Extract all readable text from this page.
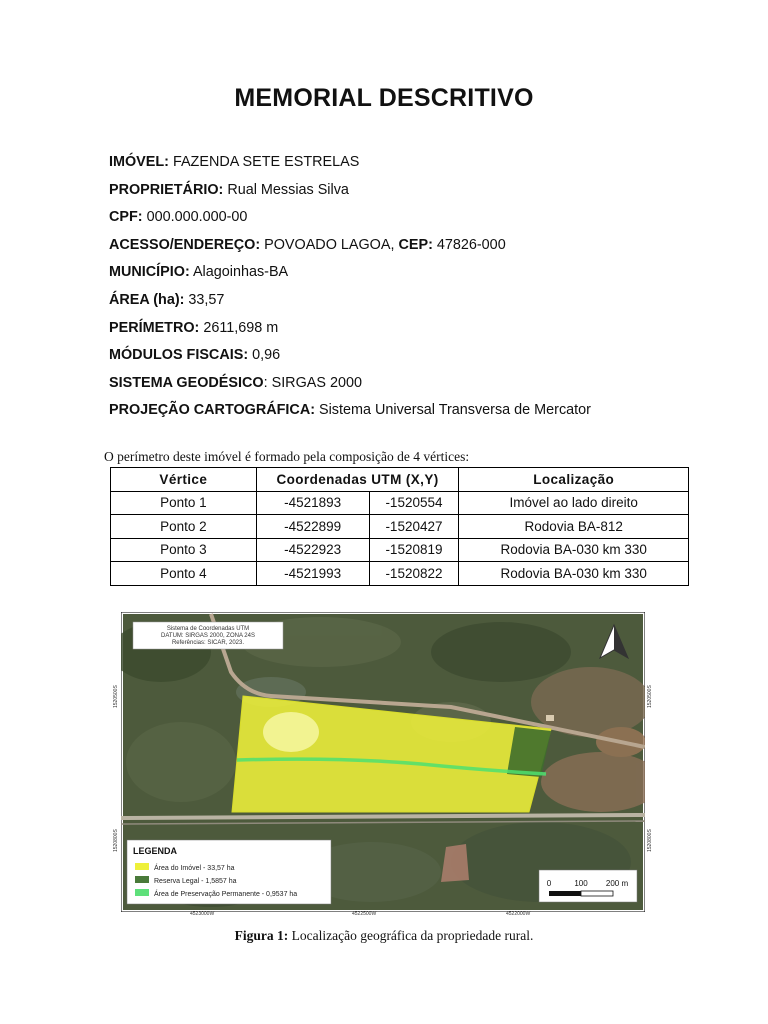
MEMORIAL DESCRITIVO
IMÓVEL: FAZENDA SETE ESTRELAS
PROPRIETÁRIO: Rual Messias Silva
CPF: 000.000.000-00
ACESSO/ENDEREÇO: POVOADO LAGOA, CEP: 47826-000
MUNICÍPIO: Alagoinhas-BA
ÁREA (ha): 33,57
PERÍMETRO: 2611,698 m
MÓDULOS FISCAIS: 0,96
SISTEMA GEODÉSICO: SIRGAS 2000
PROJEÇÃO CARTOGRÁFICA: Sistema Universal Transversa de Mercator
O perímetro deste imóvel é formado pela composição de 4 vértices:
Vértice	Coordenadas UTM (X,Y)		Localização
Ponto 1	-4521893	-1520554	Imóvel ao lado direito
Ponto 2	-4522899	-1520427	Rodovia BA-812
Ponto 3	-4522923	-1520819	Rodovia BA-030 km 330
Ponto 4	-4521993	-1520822	Rodovia BA-030 km 330
Sistema de Coordenadas UTM
DATUM: SIRGAS 2000, ZONA 24S
Referências: SICAR, 2023.
LEGENDA
Área do Imóvel - 33,57 ha
Reserva Legal - 1,5857 ha
Área de Preservação Permanente - 0,9537 ha
0	100 200 m
1520500S
1520800S
1520500S
1520800S
4523000W	4522500W	4522000W
Figura 1: Localização geográfica da propriedade rural.
